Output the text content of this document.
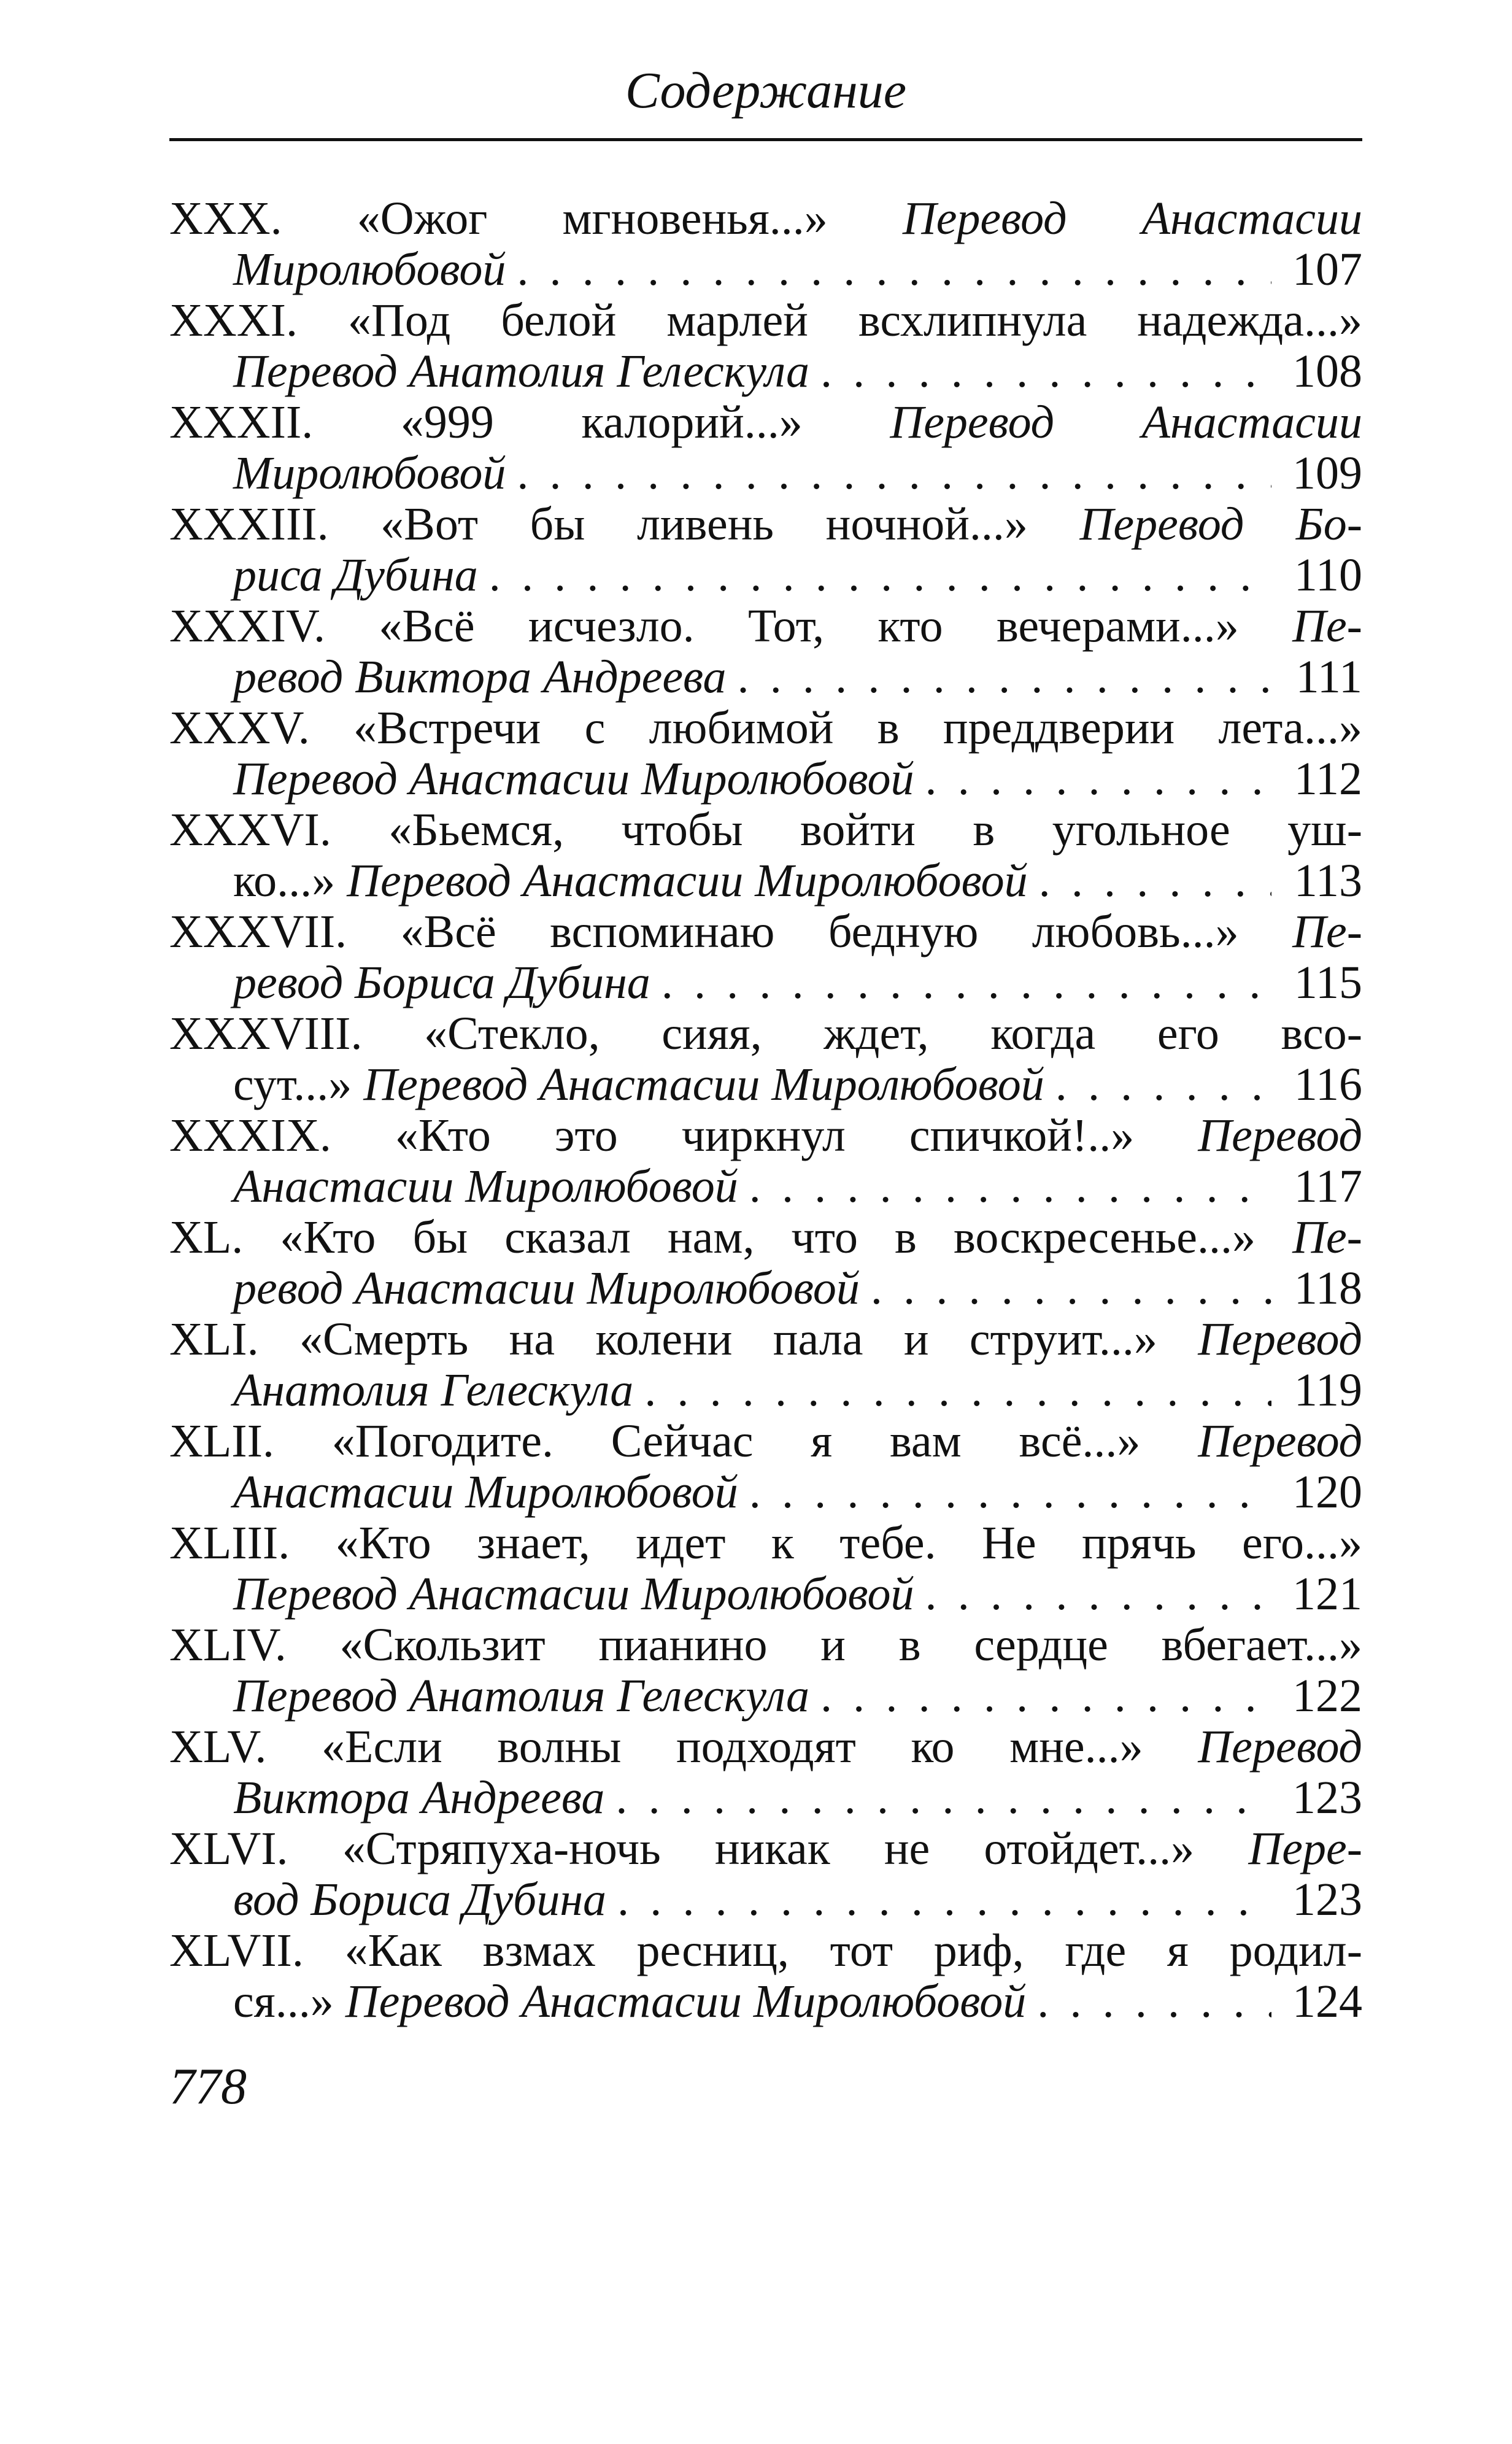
Содержание
XXX. «Ожог мгновенья...» Перевод Анастасии
Миролюбовой . . .	107
XXXI. «Под белой марлей всхлипнула надежда...»
Перевод Анатолия Гелескула . . .	108
XXXII. «999 калорий...» Перевод Анастасии
Миролюбовой . . .	109
XXXIII. «Вот бы ливень ночной...» Перевод Бо-
риса Дубина . . .	110
XXXIV. «Всё исчезло. Тот, кто вечерами...» Пе-
ревод Виктора Андреева . . .	111
XXXV. «Встречи с любимой в преддверии лета...»
Перевод Анастасии Миролюбовой . . .	112
XXXVI. «Бьемся, чтобы войти в угольное уш-
ко...»
Перевод Анастасии Миролюбовой . . .	113
XXXVII. «Всё вспоминаю бедную любовь...» Пе-
ревод Бориса Дубина . . .	115
XXXVIII. «Стекло, сияя, ждет, когда его всо-
сут...»
Перевод Анастасии Миролюбовой . . .	116
XXXIX. «Кто это чиркнул спичкой!..» Перевод
Анастасии Миролюбовой . . .	117
XL. «Кто бы сказал нам, что в воскресенье...» Пе-
ревод Анастасии Миролюбовой . . .	118
XLI. «Смерть на колени пала и струит...» Перевод
Анатолия Гелескула . . .	119
XLII. «Погодите. Сейчас я вам всё...» Перевод
Анастасии Миролюбовой . . .	120
XLIII. «Кто знает, идет к тебе. Не прячь его...»
Перевод Анастасии Миролюбовой . . .	121
XLIV. «Скользит пианино и в сердце вбегает...»
Перевод Анатолия Гелескула . . .	122
XLV. «Если волны подходят ко мне...» Перевод
Виктора Андреева . . .	123
XLVI. «Стряпуха-ночь никак не отойдет...» Пере-
вод Бориса Дубина . . .	123
XLVII. «Как взмах ресниц, тот риф, где я родил-
ся...»
Перевод Анастасии Миролюбовой . . .	124
778
